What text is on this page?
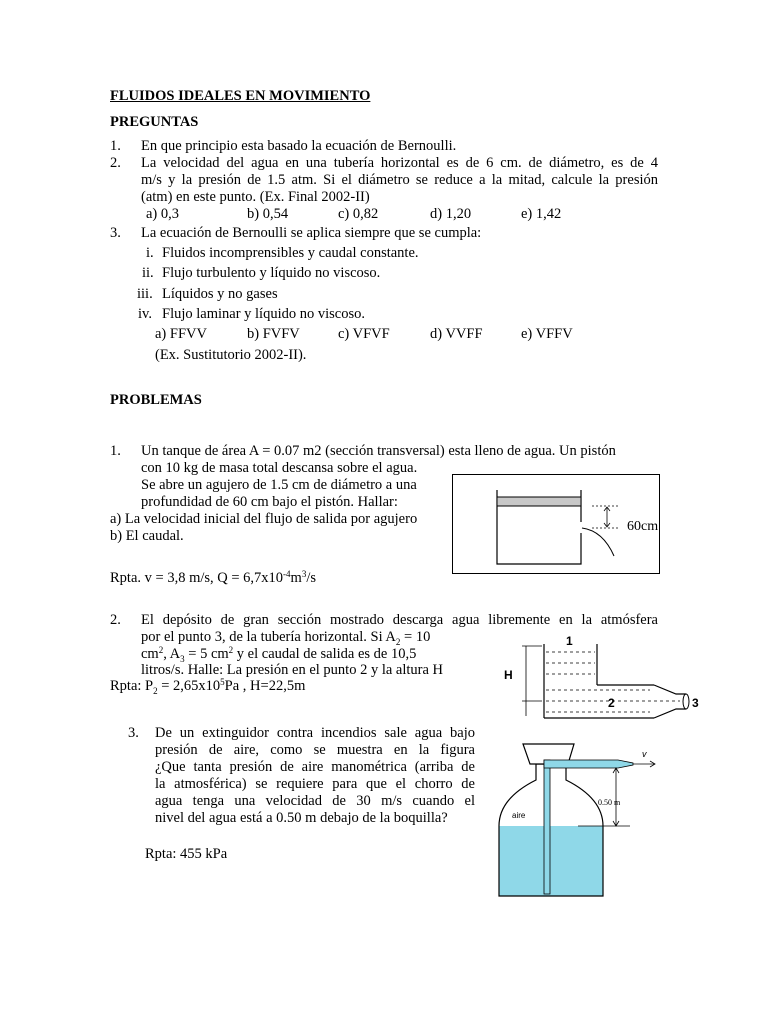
FLUIDOS IDEALES EN MOVIMIENTO
PREGUNTAS
1. En que principio esta basado la ecuación de Bernoulli.
2. La velocidad del agua en una tubería horizontal es de 6 cm. de diámetro, es de 4
m/s y la presión de 1.5 atm. Si el diámetro se reduce a la mitad, calcule la presión
(atm) en este punto. (Ex. Final 2002-II)
a) 0,3	b) 0,54	c) 0,82	d) 1,20	e) 1,42
3. La ecuación de Bernoulli se aplica siempre que se cumpla:
i. Fluidos incomprensibles y caudal constante.
ii. Flujo turbulento y líquido no viscoso.
iii. Líquidos y no gases
iv. Flujo laminar y líquido no viscoso.
a) FFVV	b) FVFV	c) VFVF	d) VVFF	e) VFFV
(Ex. Sustitutorio 2002-II).
PROBLEMAS
1. Un tanque de área A = 0.07 m2 (sección transversal) esta lleno de agua. Un pistón
con 10 kg de masa total descansa sobre el agua.
Se abre un agujero de 1.5 cm de diámetro a una
profundidad de 60 cm bajo el pistón. Hallar:
a) La velocidad inicial del flujo de salida por agujero
b) El caudal.
Rpta. v = 3,8 m/s, $Q = 6,7x10^{-4}m^3/s$
60cm
2. El depósito de gran sección mostrado descarga agua libremente en la atmósfera
por el punto 3, de la tubería horizontal. Si $A_2 = 10$
$cm^2$, $A_3 = 5$ $cm^2$ y el caudal de salida es de 10,5
litros/s. Halle: La presión en el punto 2 y la altura H
Rpta: $P_2 = 2,65x10^5Pa$ , H=22,5m
1
H
2	3
3. De un extinguidor contra incendios sale agua bajo
presión de aire, como se muestra en la figura
¿Que tanta presión de aire manométrica (arriba de
la atmosférica) se requiere para que el chorro de
agua tenga una velocidad de 30 m/s cuando el
nivel del agua está a 0.50 m debajo de la boquilla?
Rpta: 455 kPa
v
0.50 m
aire
